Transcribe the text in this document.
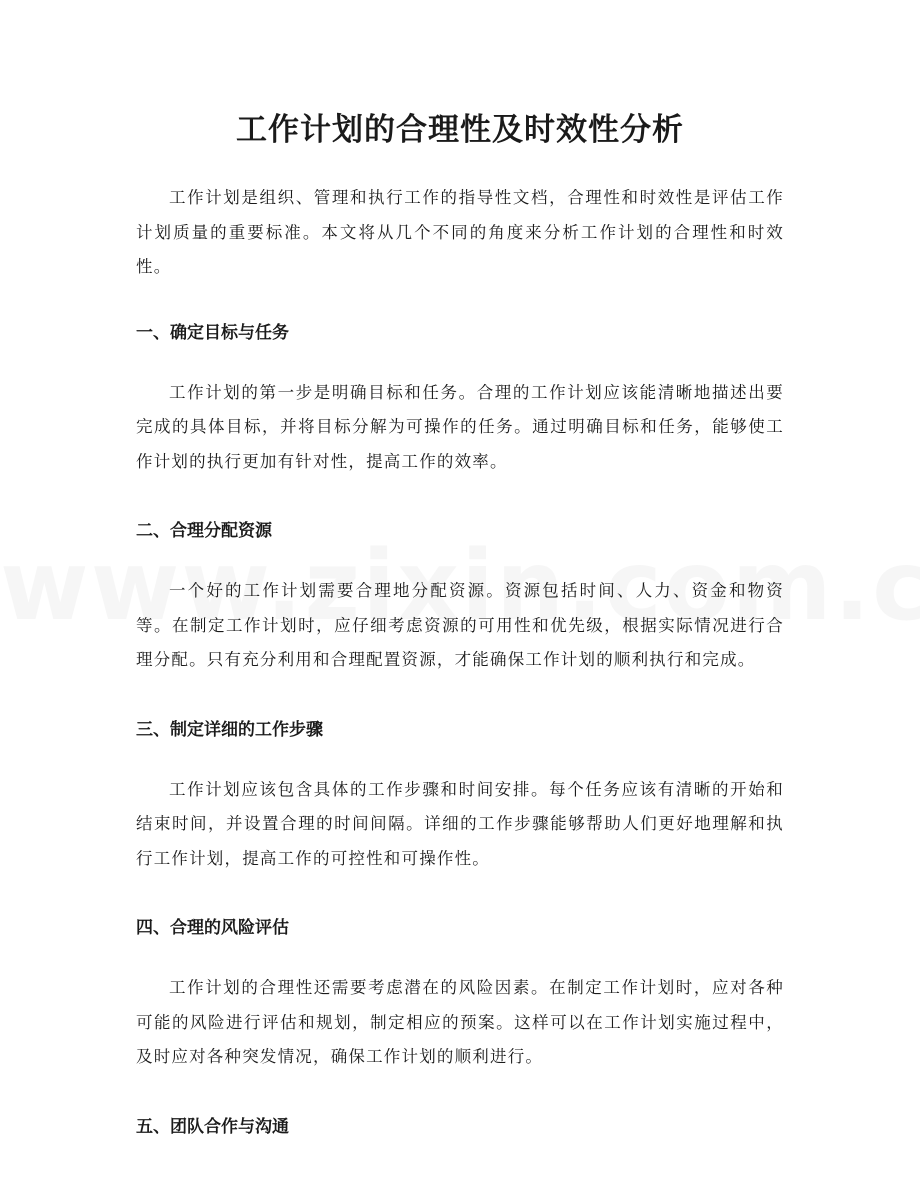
工作计划的合理性及时效性分析

工作计划是组织、管理和执行工作的指导性文档，合理性和时效性是评估工作计划质量的重要标准。本文将从几个不同的角度来分析工作计划的合理性和时效性。

一、确定目标与任务

工作计划的第一步是明确目标和任务。合理的工作计划应该能清晰地描述出要完成的具体目标，并将目标分解为可操作的任务。通过明确目标和任务，能够使工作计划的执行更加有针对性，提高工作的效率。

二、合理分配资源

一个好的工作计划需要合理地分配资源。资源包括时间、人力、资金和物资等。在制定工作计划时，应仔细考虑资源的可用性和优先级，根据实际情况进行合理分配。只有充分利用和合理配置资源，才能确保工作计划的顺利执行和完成。

三、制定详细的工作步骤

工作计划应该包含具体的工作步骤和时间安排。每个任务应该有清晰的开始和结束时间，并设置合理的时间间隔。详细的工作步骤能够帮助人们更好地理解和执行工作计划，提高工作的可控性和可操作性。

四、合理的风险评估

工作计划的合理性还需要考虑潜在的风险因素。在制定工作计划时，应对各种可能的风险进行评估和规划，制定相应的预案。这样可以在工作计划实施过程中，及时应对各种突发情况，确保工作计划的顺利进行。

五、团队合作与沟通
